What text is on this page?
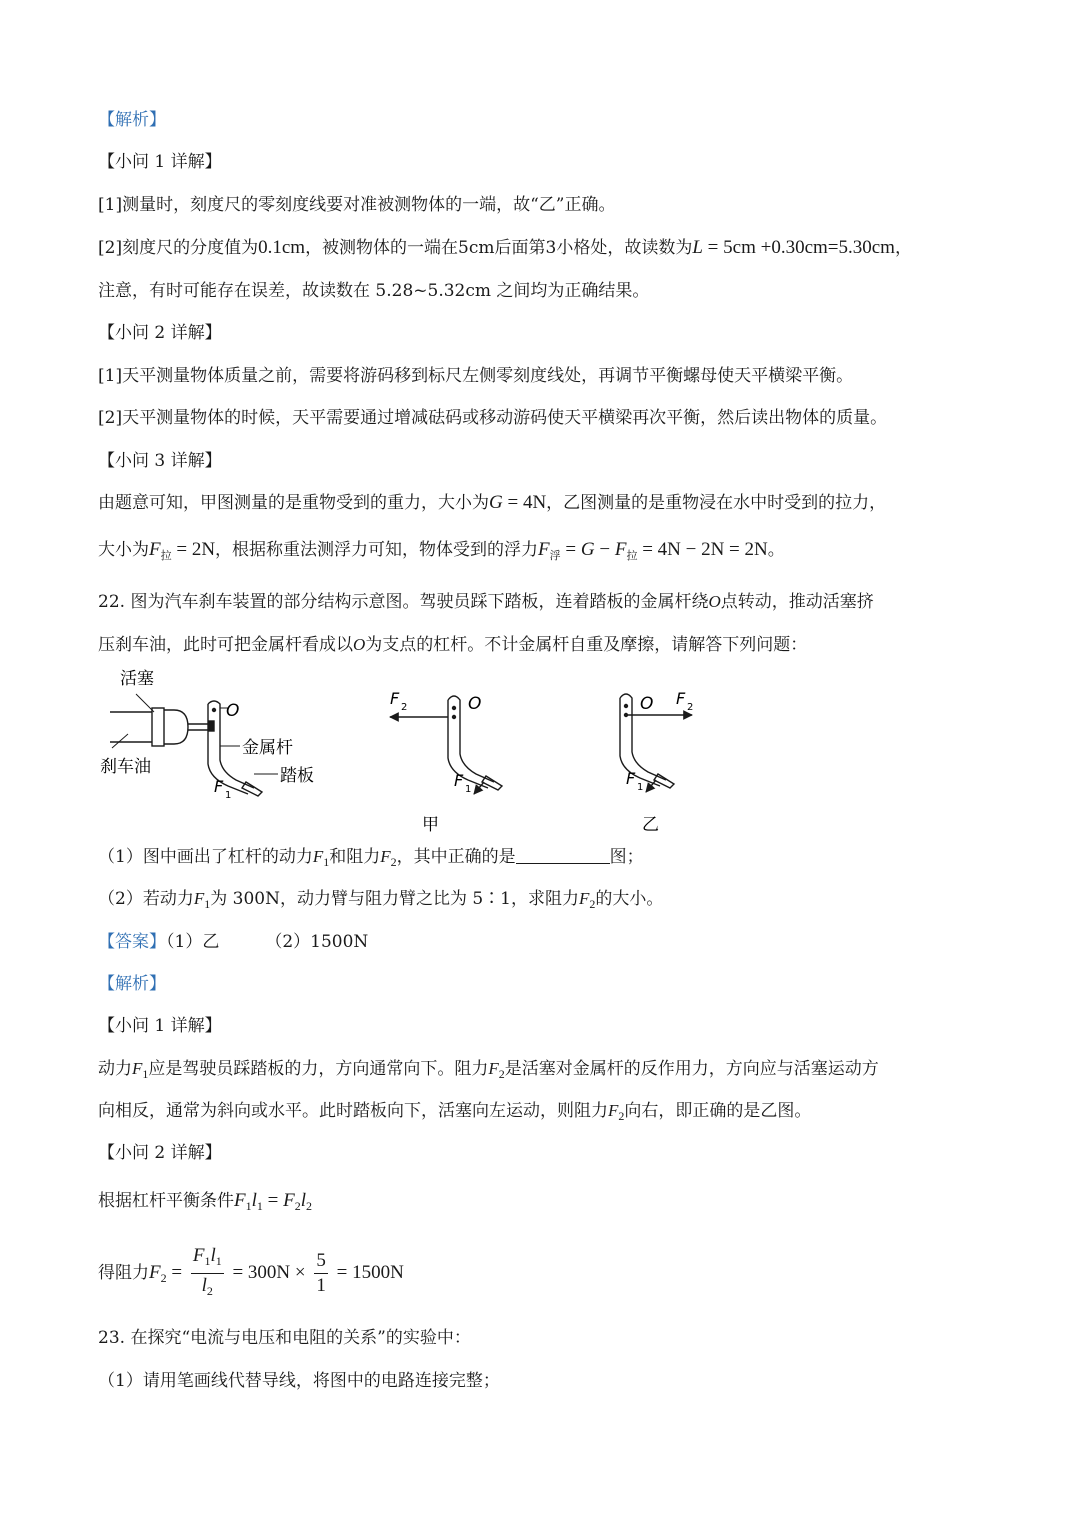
【解析】
【小问 1 详解】
[1]测量时，刻度尺的零刻度线要对准被测物体的一端，故“乙”正确。
[2]刻度尺的分度值为0.1cm，被测物体的一端在5cm后面第3小格处，故读数为L = 5cm +0.30cm=5.30cm，
注意，有时可能存在误差，故读数在 5.28~5.32cm 之间均为正确结果。
【小问 2 详解】
[1]天平测量物体质量之前，需要将游码移到标尺左侧零刻度线处，再调节平衡螺母使天平横梁平衡。
[2]天平测量物体的时候，天平需要通过增减砝码或移动游码使天平横梁再次平衡，然后读出物体的质量。
【小问 3 详解】
由题意可知，甲图测量的是重物受到的重力，大小为G = 4N，乙图测量的是重物浸在水中时受到的拉力，
大小为$F_拉 = 2N$，根据称重法测浮力可知，物体受到的浮力$F_浮 = G - F_拉 = 4N - 2N = 2N$。
22. 图为汽车刹车装置的部分结构示意图。驾驶员踩下踏板，连着踏板的金属杆绕O点转动，推动活塞挤
压刹车油，此时可把金属杆看成以O为支点的杠杆。不计金属杆自重及摩擦，请解答下列问题：
活塞
O
金属杆
踏板
刹车油
F 1
F 2	O
F 1
甲
O F 2
F 1
乙
（1）图中画出了杠杆的动力$F_1$和阻力$F_2$，其中正确的是	图；
（2）若动力$F_1$为 300N，动力臂与阻力臂之比为 5∶1，求阻力$F_2$的大小。
【答案】（1）乙	（2）1500N
【解析】
【小问 1 详解】
动力$F_1$应是驾驶员踩踏板的力，方向通常向下。阻力$F_2$是活塞对金属杆的反作用力，方向应与活塞运动方
向相反，通常为斜向或水平。此时踏板向下，活塞向左运动，则阻力$F_2$向右，即正确的是乙图。
【小问 2 详解】
根据杠杆平衡条件$F_1l_1 = F_2l_2$
得阻力$F_2 = \frac{F_1l_1}{l_2} = 300N \times \frac{5}{1} = 1500N$
23. 在探究“电流与电压和电阻的关系”的实验中：
（1）请用笔画线代替导线，将图中的电路连接完整；
